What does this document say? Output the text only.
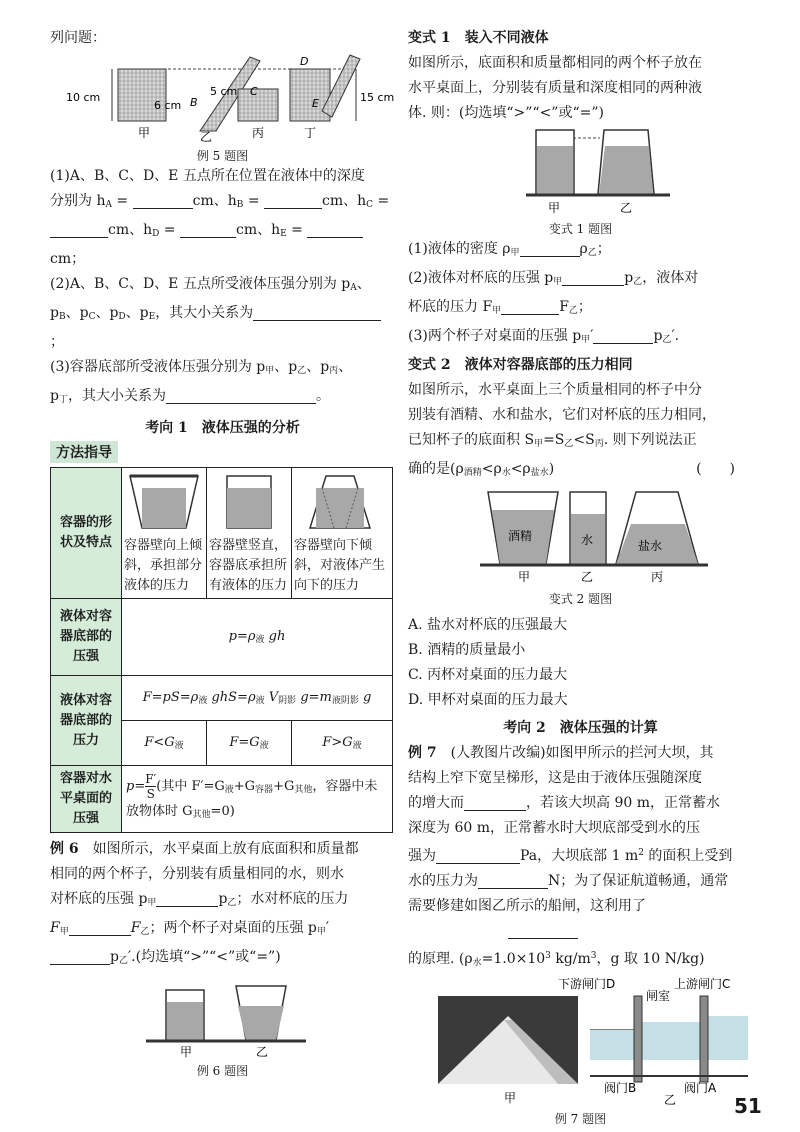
列问题：
10 cm
6 cm B
5 cm C
D
E	15 cm
甲	乙	丙	丁
例 5 题图
(1)A、B、C、D、E 五点所在位置在液体中的深度
分别为 $h_A$ =	cm、$h_B$ =	cm、$h_C$ =
cm、$h_D$ =	cm、$h_E$ = cm；
(2)A、B、C、D、E 五点所受液体压强分别为 $p_A$、
$p_B$、$p_C$、$p_D$、$p_E$，其大小关系为；
(3)容器底部所受液体压强分别为 $p_甲$、$p_乙$、$p_丙$、
$p_丁$，其大小关系为	。
考向 1　液体压强的分析
方法指导
容器的形状及特点	容器壁向上倾斜，承担部分液体的压力	容器壁竖直，容器底承担所有液体的压力	容器壁向下倾斜，对液体产生向下的压力

液体对容器底部的压强	$p=\rho_液$ gh		
液体对容器底部的压力	$F=pS=\rho_液$ $ghS=\rho_液$ $V_{阴影}$ $g=m_{液阴影}$ g		
	$F<G_液$	$F=G_液$	$F>G_液$
容器对水平桌面的压强	$p= \frac{F'}{S}$ (其中 $F'=G_液+G_{容器}+G_{其他}$，容器中未放物体时 $G_{其他}=0$)		
例 6　如图所示，水平桌面上放有底面积和质量都
相同的两个杯子，分别装有质量相同的水，则水
对杯底的压强 $p_甲$	$p_乙$；水对杯底的压力
$F_甲$	$F_乙$；两个杯子对桌面的压强 $p_甲'$
$p_乙'$.(均选填“>”“<”或“=”)
甲	乙
例 6 题图
变式 1　装入不同液体
如图所示，底面积和质量都相同的两个杯子放在
水平桌面上，分别装有质量和深度相同的两种液
体. 则：(均选填“>”“<”或“=”)
甲	乙
变式 1 题图
(1)液体的密度 $\rho_甲$	$\rho_乙$；
(2)液体对杯底的压强 $p_甲$	$p_乙$，液体对
杯底的压力 $F_甲$	$F_乙$；
(3)两个杯子对桌面的压强 $p_甲'$	$p_乙'$.
变式 2　液体对容器底部的压力相同
如图所示，水平桌面上三个质量相同的杯子中分
别装有酒精、水和盐水，它们对杯底的压力相同，
已知杯子的底面积 $S_甲=S_乙<S_丙$. 则下列说法正
确的是$(\rho_{酒精}<\rho_水<\rho_{盐水})$	(　　)
酒精	水	盐水
甲	乙	丙
变式 2 题图
A. 盐水对杯底的压强最大
B. 酒精的质量最小
C. 丙杯对桌面的压力最大
D. 甲杯对桌面的压力最大
考向 2　液体压强的计算
例 7　(人教图片改编)如图甲所示的拦河大坝，其
结构上窄下宽呈梯形，这是由于液体压强随深度
的增大而	，若该大坝高 90 m，正常蓄水
深度为 60 m，正常蓄水时大坝底部受到水的压
强为	Pa，大坝底部 1 $m^2$ 的面积上受到
水的压力为	N；为了保证航道畅通，通常
需要修建如图乙所示的船闸，这利用了
的原理. ($\rho_水=1.0\times 10^3$ $kg/m^3$，g 取 10 N/kg)
甲
下游闸门D
闸室
上游闸门C
阀门B	阀门A
乙
例 7 题图
51
